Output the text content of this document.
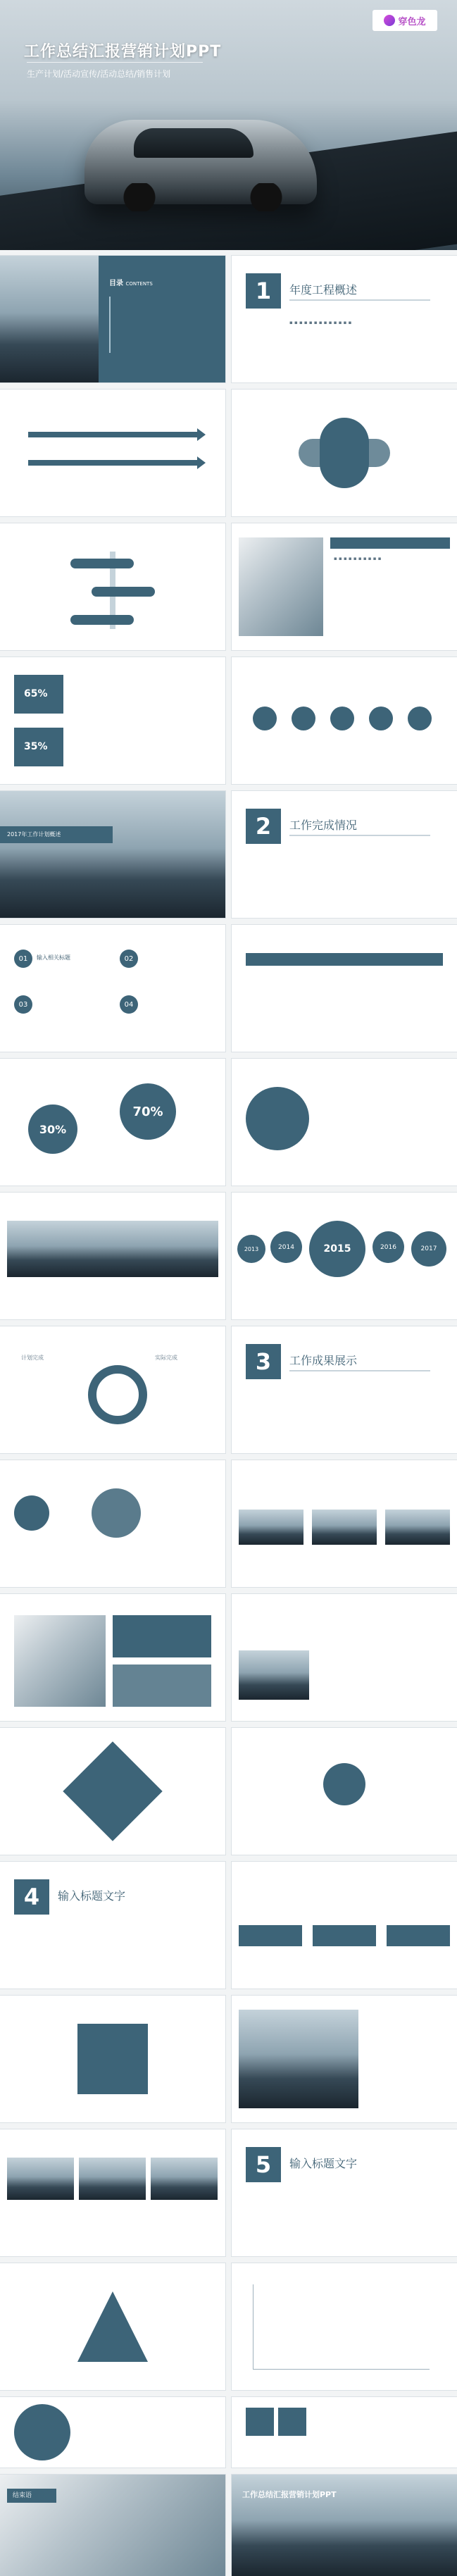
工作总结汇报营销计划PPT
生产计划/活动宣传/活动总结/销售计划
穿色龙
目录 CONTENTS	1	年度工程概述
▪ ▪ ▪ ▪ ▪ ▪ ▪ ▪ ▪ ▪ ▪ ▪ ▪
▪ ▪ ▪ ▪ ▪ ▪ ▪ ▪ ▪ ▪
65%
35%
2017年工作计划概述	2	工作完成情况
01	02
03	04
输入相关标题
30%
70%
2013	2014	2015	2016	2017
计划完成	实际完成	3	工作成果展示
4	输入标题文字
5	输入标题文字
结束语	工作总结汇报营销计划PPT
